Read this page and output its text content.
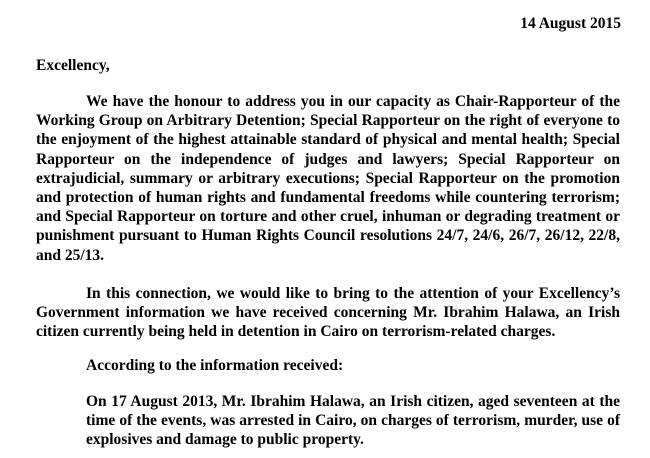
14 August 2015
Excellency,

We have the honour to address you in our capacity as Chair-Rapporteur of the Working Group on Arbitrary Detention; Special Rapporteur on the right of everyone to the enjoyment of the highest attainable standard of physical and mental health; Special Rapporteur on the independence of judges and lawyers; Special Rapporteur on extrajudicial, summary or arbitrary executions; Special Rapporteur on the promotion and protection of human rights and fundamental freedoms while countering terrorism; and Special Rapporteur on torture and other cruel, inhuman or degrading treatment or punishment pursuant to Human Rights Council resolutions 24/7, 24/6, 26/7, 26/12, 22/8, and 25/13.

In this connection, we would like to bring to the attention of your Excellency’s Government information we have received concerning Mr. Ibrahim Halawa, an Irish citizen currently being held in detention in Cairo on terrorism-related charges.

According to the information received:

On 17 August 2013, Mr. Ibrahim Halawa, an Irish citizen, aged seventeen at the time of the events, was arrested in Cairo, on charges of terrorism, murder, use of explosives and damage to public property.
